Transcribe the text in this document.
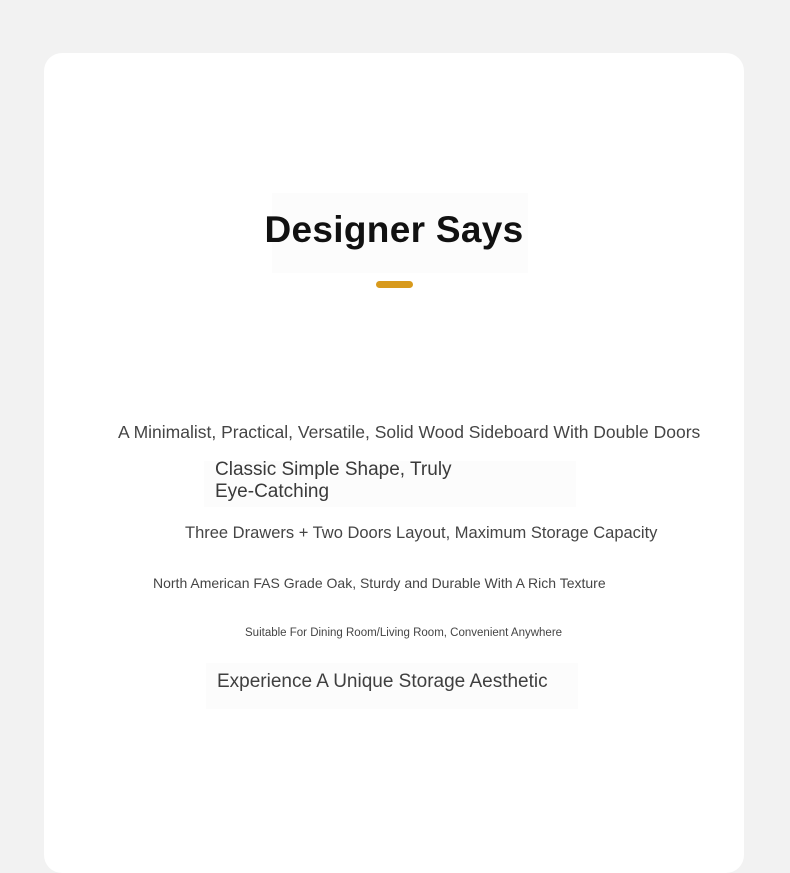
Designer Says

A Minimalist, Practical, Versatile, Solid Wood Sideboard With Double Doors

Classic Simple Shape, Truly Eye-Catching

Three Drawers + Two Doors Layout, Maximum Storage Capacity

North American FAS Grade Oak, Sturdy and Durable With A Rich Texture

Suitable For Dining Room/Living Room, Convenient Anywhere

Experience A Unique Storage Aesthetic
